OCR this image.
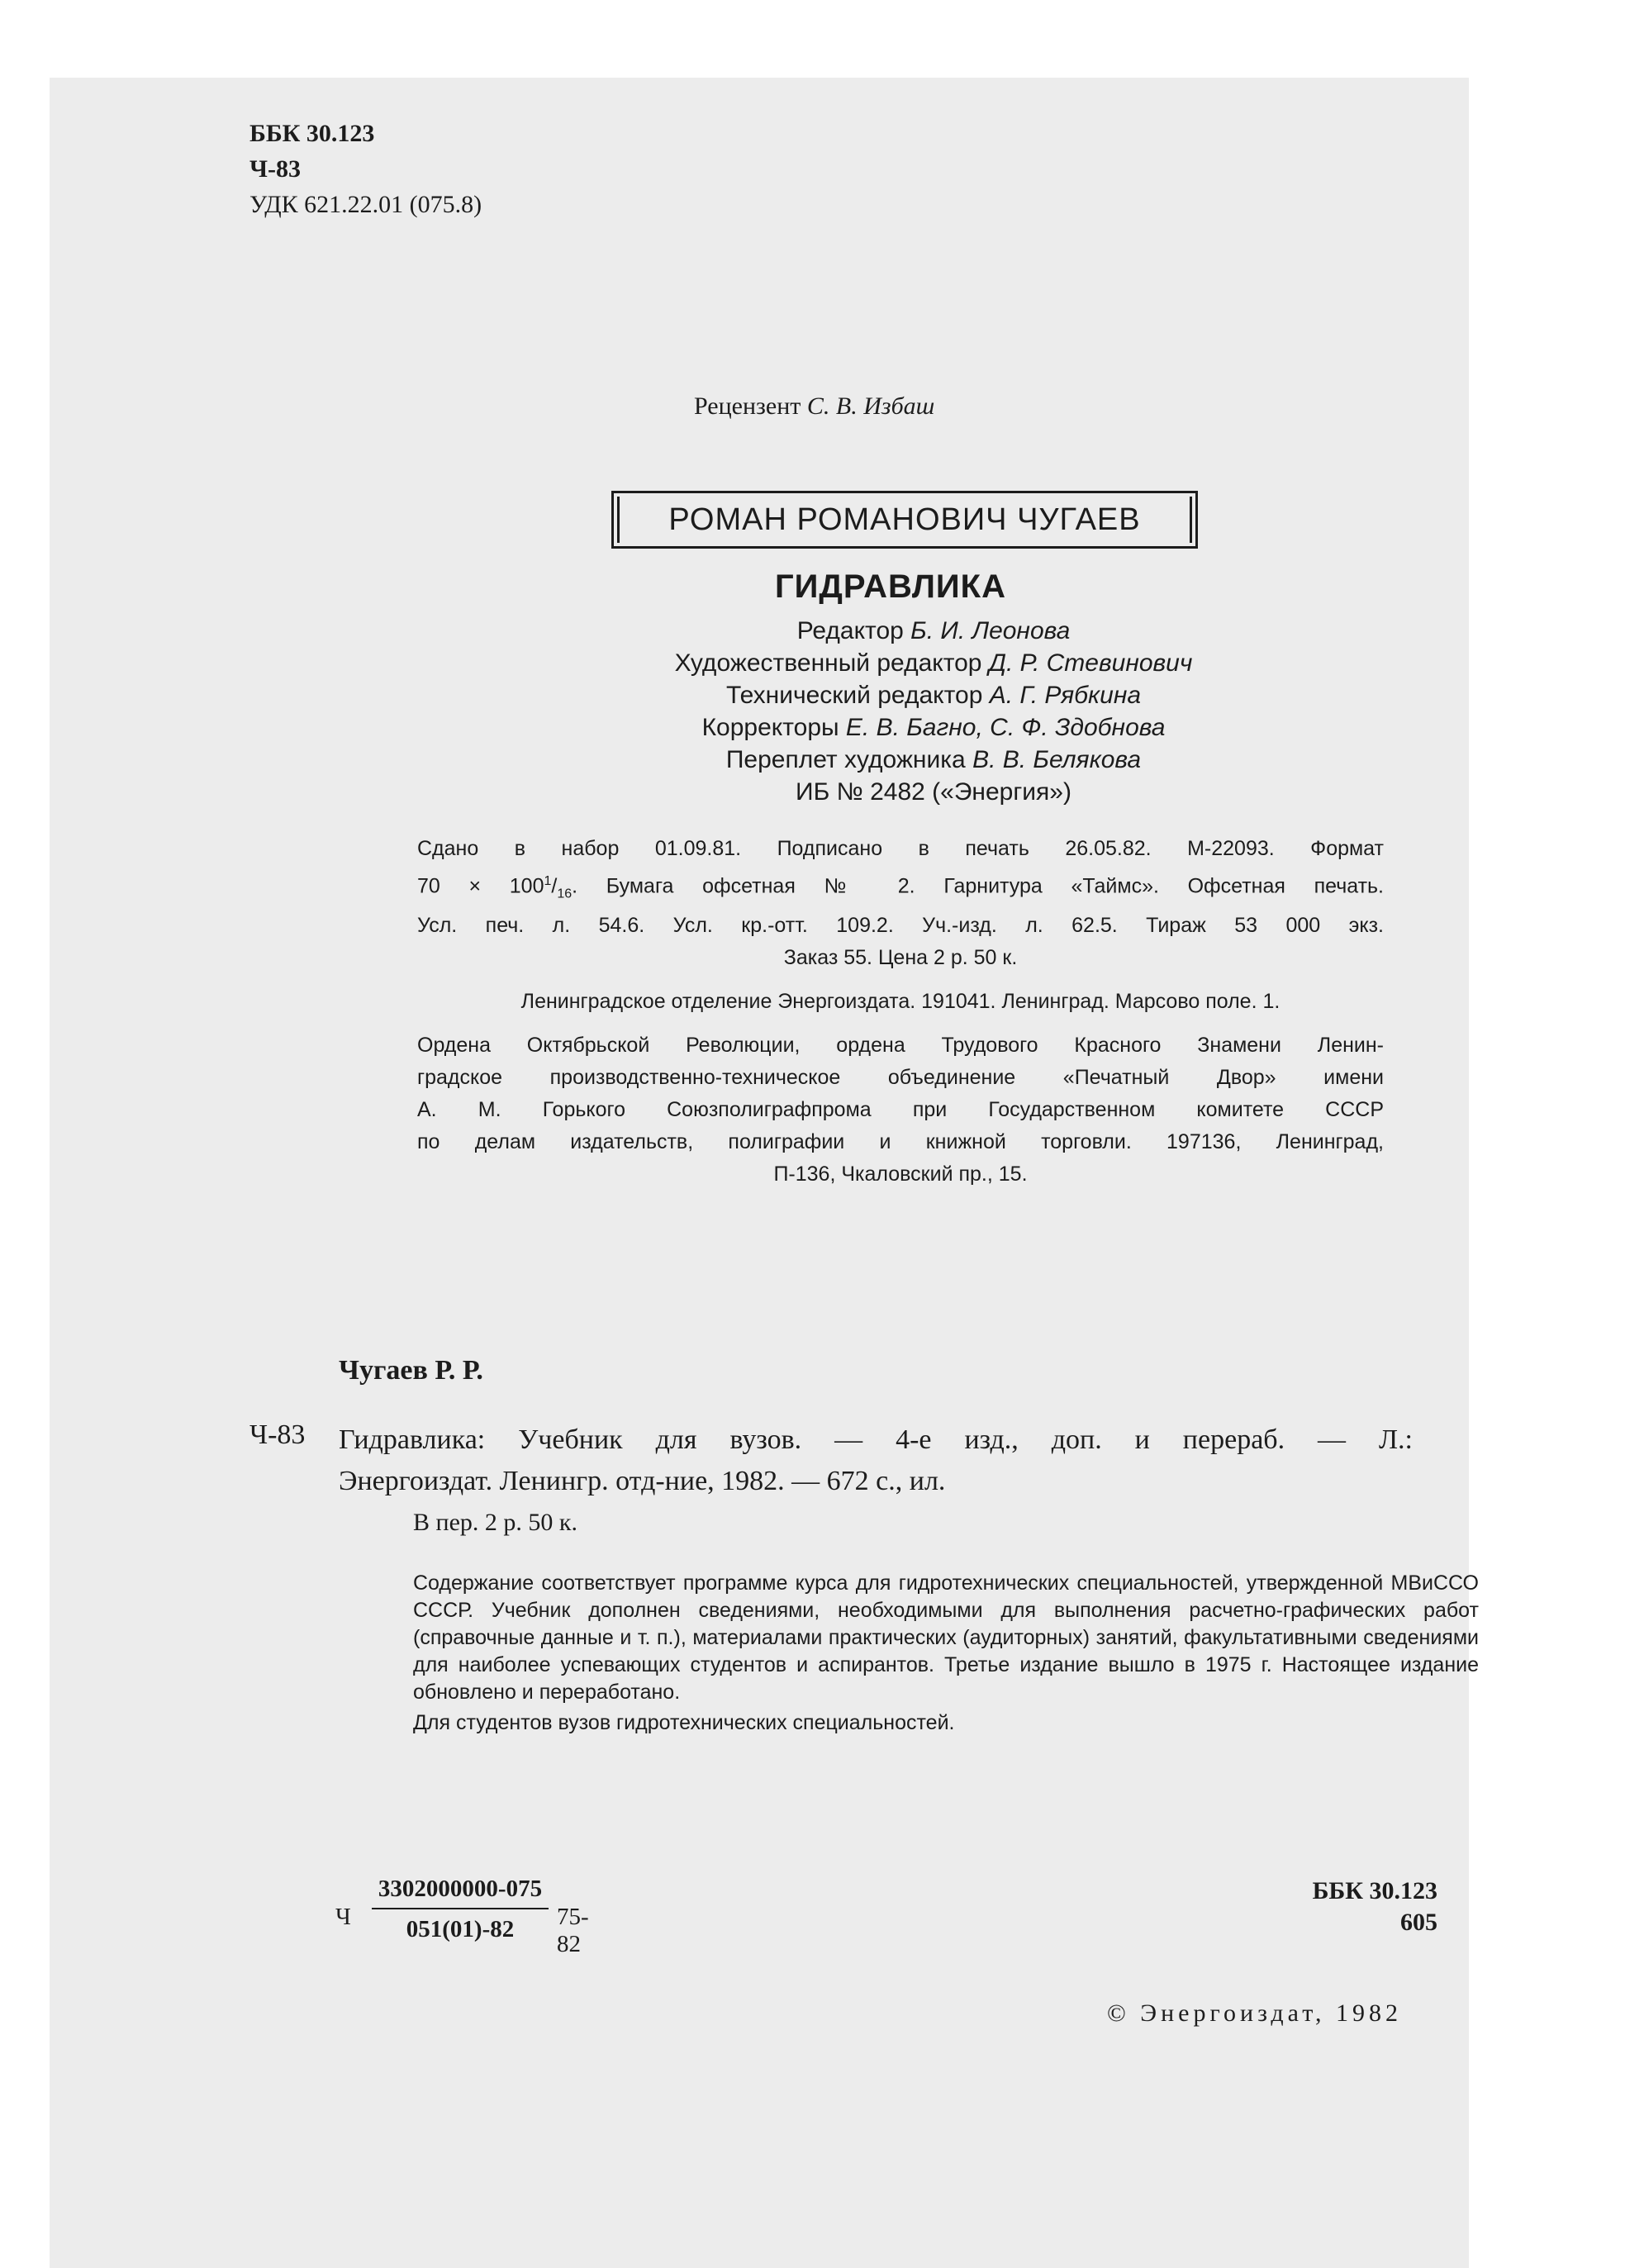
ББК 30.123
Ч-83
УДК 621.22.01 (075.8)
Рецензент С. В. Избаш
РОМАН РОМАНОВИЧ ЧУГАЕВ
ГИДРАВЛИКА

Редактор Б. И. Леонова

Художественный редактор Д. Р. Стевинович

Технический редактор А. Г. Рябкина

Корректоры Е. В. Багно, С. Ф. Здобнова

Переплет художника В. В. Белякова

ИБ № 2482 («Энергия»)

Сдано в набор 01.09.81. Подписано в печать 26.05.82. М-22093. Формат

$70 \times 100^1/_{16}$. Бумага офсетная № 2. Гарнитура «Таймс». Офсетная печать.

Усл. печ. л. 54.6. Усл. кр.-отт. 109.2. Уч.-изд. л. 62.5. Тираж 53 000 экз.

Заказ 55. Цена 2 р. 50 к.

Ленинградское отделение Энергоиздата. 191041. Ленинград. Марсово поле. 1.

Ордена Октябрьской Революции, ордена Трудового Красного Знамени Ленин-

градское производственно-техническое объединение «Печатный Двор» имени

А. М. Горького Союзполиграфпрома при Государственном комитете СССР

по делам издательств, полиграфии и книжной торговли. 197136, Ленинград,

П-136, Чкаловский пр., 15.

Чугаев Р. Р.
Ч-83 Гидравлика: Учебник для вузов. — 4-е изд., доп. и перераб. — Л.:

Энергоиздат. Ленингр. отд-ние, 1982. — 672 с., ил.

В пер. 2 р. 50 к.

Содержание соответствует программе курса для гидротехнических специальностей, утвержденной МВиССО СССР. Учебник дополнен сведениями, необходимыми для выполнения расчетно-графических работ (справочные данные и т. п.), материалами практических (аудиторных) занятий, факультативными сведениями для наиболее успевающих студентов и аспирантов. Третье издание вышло в 1975 г. Настоящее издание обновлено и переработано.

Для студентов вузов гидротехнических специальностей.

Ч
3302000000-075
051(01)-82	75-82
ББК 30.123
605
© Энергоиздат, 1982
